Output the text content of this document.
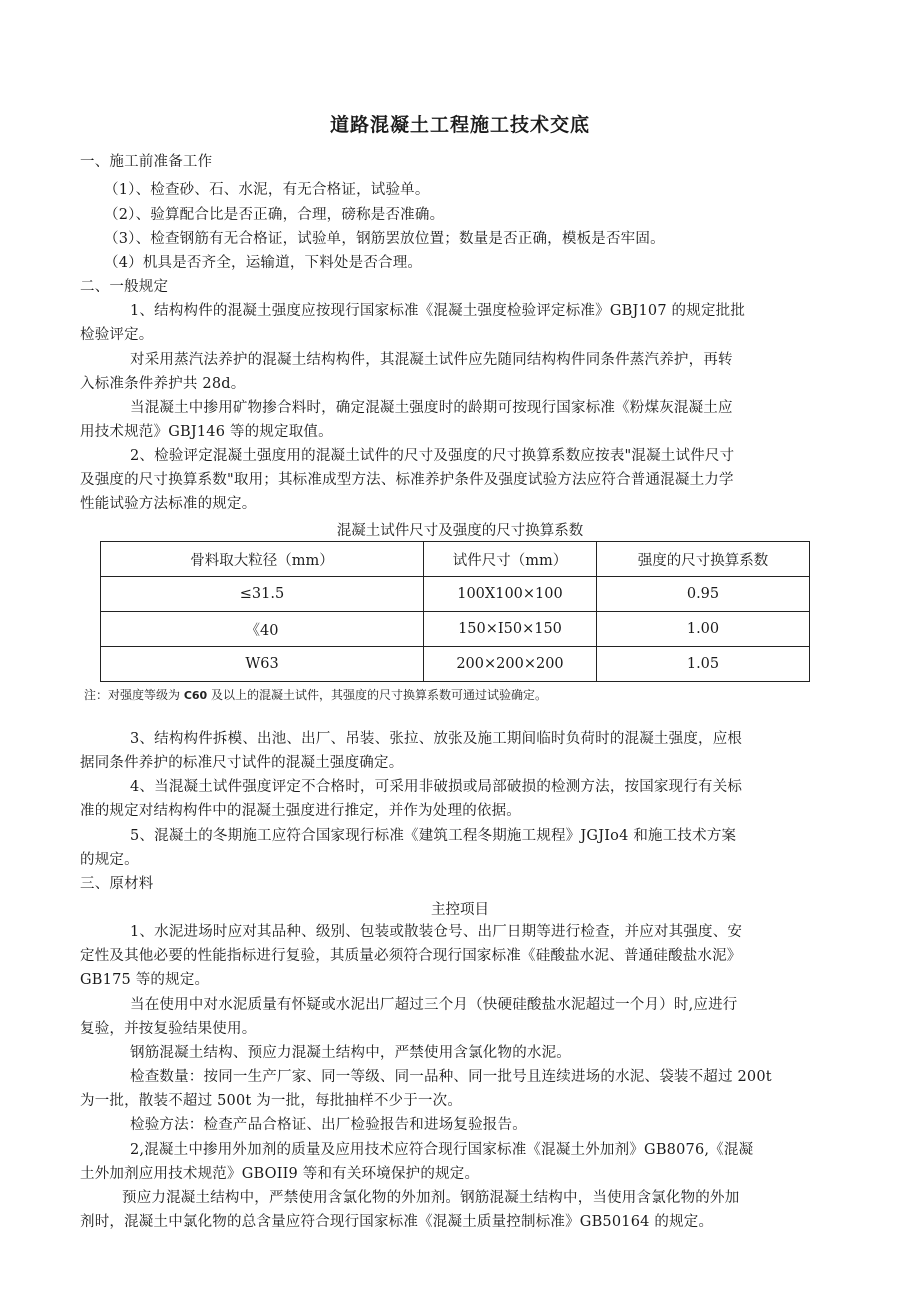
道路混凝土工程施工技术交底
一、施工前准备工作
（1）、检查砂、石、水泥，有无合格证，试验单。
（2）、验算配合比是否正确，合理，磅称是否准确。
（3）、检查钢筋有无合格证，试验单，钢筋罢放位置；数量是否正确，模板是否牢固。
（4）机具是否齐全，运输道，下料处是否合理。
二、一般规定
1、结构构件的混凝土强度应按现行国家标准《混凝土强度检验评定标准》GBJ107 的规定批批
检验评定。
对采用蒸汽法养护的混凝土结构构件，其混凝土试件应先随同结构构件同条件蒸汽养护，再转
入标准条件养护共 28d。
当混凝土中掺用矿物掺合料时，确定混凝土强度时的龄期可按现行国家标准《粉煤灰混凝土应
用技术规范》GBJ146 等的规定取值。
2、检验评定混凝土强度用的混凝土试件的尺寸及强度的尺寸换算系数应按表"混凝土试件尺寸
及强度的尺寸换算系数"取用；其标准成型方法、标准养护条件及强度试验方法应符合普通混凝土力学
性能试验方法标准的规定。
混凝土试件尺寸及强度的尺寸换算系数
骨料取大粒径（mm）	试件尺寸（mm）	强度的尺寸换算系数
≤31.5	100X100×100	0.95
《40	150×I50×150	1.00
W63	200×200×200	1.05
注：对强度等级为 C60 及以上的混凝土试件，其强度的尺寸换算系数可通过试验确定。
3、结构构件拆模、出池、出厂、吊装、张拉、放张及施工期间临时负荷时的混凝土强度，应根
据同条件养护的标准尺寸试件的混凝土强度确定。
4、当混凝土试件强度评定不合格时，可采用非破损或局部破损的检测方法，按国家现行有关标
准的规定对结构构件中的混凝土强度进行推定，并作为处理的依据。
5、混凝土的冬期施工应符合国家现行标准《建筑工程冬期施工规程》JGJIo4 和施工技术方案
的规定。
三、原材料
主控项目
1、水泥进场时应对其品种、级别、包装或散装仓号、出厂日期等进行检查，并应对其强度、安
定性及其他必要的性能指标进行复验，其质量必须符合现行国家标准《硅酸盐水泥、普通硅酸盐水泥》
GB175 等的规定。
当在使用中对水泥质量有怀疑或水泥出厂超过三个月（快硬硅酸盐水泥超过一个月）时,应进行
复验，并按复验结果使用。
钢筋混凝土结构、预应力混凝土结构中，严禁使用含氯化物的水泥。
检查数量：按同一生产厂家、同一等级、同一品种、同一批号且连续进场的水泥、袋装不超过 200t
为一批，散装不超过 500t 为一批，每批抽样不少于一次。
检验方法：检查产品合格证、出厂检验报告和进场复验报告。
2,混凝土中掺用外加剂的质量及应用技术应符合现行国家标准《混凝土外加剂》GB8076,《混凝
土外加剂应用技术规范》GBOII9 等和有关环境保护的规定。
预应力混凝土结构中，严禁使用含氯化物的外加剂。钢筋混凝土结构中，当使用含氯化物的外加
剂时，混凝土中氯化物的总含量应符合现行国家标准《混凝土质量控制标准》GB50164 的规定。
